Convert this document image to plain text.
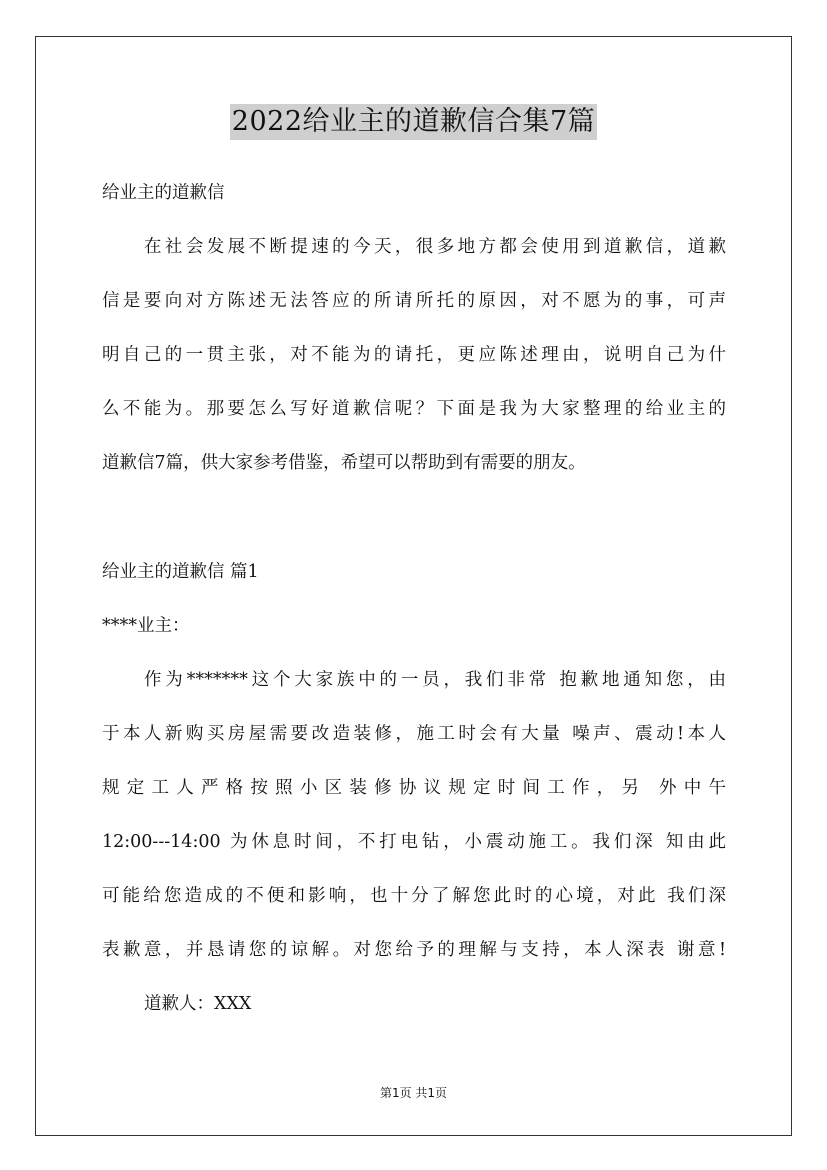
2022给业主的道歉信合集7篇
给业主的道歉信
在社会发展不断提速的今天，很多地方都会使用到道歉信，道歉
信是要向对方陈述无法答应的所请所托的原因，对不愿为的事，可声
明自己的一贯主张，对不能为的请托，更应陈述理由，说明自己为什
么不能为。那要怎么写好道歉信呢？下面是我为大家整理的给业主的
道歉信7篇，供大家参考借鉴，希望可以帮助到有需要的朋友。
给业主的道歉信 篇1
****业主：
作为*******这个大家族中的一员，我们非常 抱歉地通知您，由
于本人新购买房屋需要改造装修，施工时会有大量 噪声、震动!本人
规定工人严格按照小区装修协议规定时间工作，另 外中午
12:00---14:00 为休息时间，不打电钻，小震动施工。我们深 知由此
可能给您造成的不便和影响，也十分了解您此时的心境，对此 我们深
表歉意，并恳请您的谅解。对您给予的理解与支持，本人深表 谢意!
道歉人：XXX
第1页 共1页
